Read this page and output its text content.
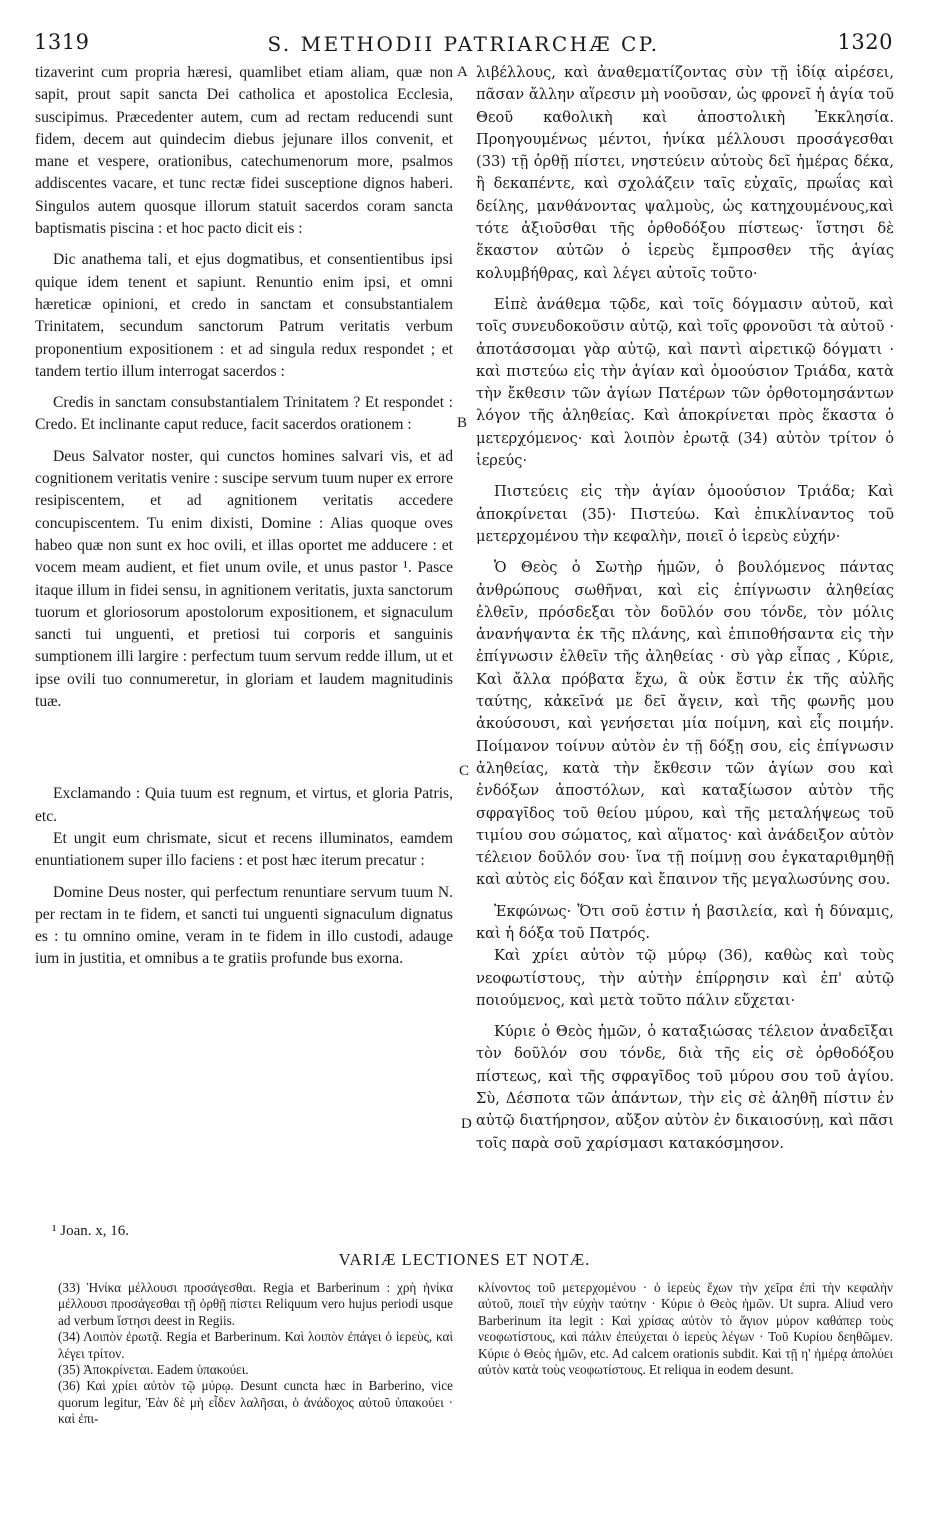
1319	S. METHODII PATRIARCHÆ CP.	1320
A
B
C
D

tizaverint cum propria hæresi, quamlibet etiam aliam, quæ non sapit, prout sapit sancta Dei catholica et apostolica Ecclesia, suscipimus. Præcedenter autem, cum ad rectam reducendi sunt fidem, decem aut quindecim diebus jejunare illos convenit, et mane et vespere, orationibus, catechumenorum more, psalmos addiscentes vacare, et tunc rectæ fidei susceptione dignos haberi. Singulos autem quosque illorum statuit sacerdos coram sancta baptismatis piscina : et hoc pacto dicit eis :

Dic anathema tali, et ejus dogmatibus, et consentientibus ipsi quique idem tenent et sapiunt. Renuntio enim ipsi, et omni hæreticæ opinioni, et credo in sanctam et consubstantialem Trinitatem, secundum sanctorum Patrum veritatis verbum proponentium expositionem : et ad singula redux respondet ; et tandem tertio illum interrogat sacerdos :

Credis in sanctam consubstantialem Trinitatem ? Et respondet : Credo. Et inclinante caput reduce, facit sacerdos orationem :

Deus Salvator noster, qui cunctos homines salvari vis, et ad cognitionem veritatis venire : suscipe servum tuum nuper ex errore resipiscentem, et ad agnitionem veritatis accedere concupiscentem. Tu enim dixisti, Domine : Alias quoque oves habeo quæ non sunt ex hoc ovili, et illas oportet me adducere : et vocem meam audient, et fiet unum ovile, et unus pastor ¹. Pasce itaque illum in fidei sensu, in agnitionem veritatis, juxta sanctorum tuorum et gloriosorum apostolorum expositionem, et signaculum sancti tui unguenti, et pretiosi tui corporis et sanguinis sumptionem illi largire : perfectum tuum servum redde illum, ut et ipse ovili tuo connumeretur, in gloriam et laudem magnitudinis tuæ.

Exclamando : Quia tuum est regnum, et virtus, et gloria Patris, etc.

Et ungit eum chrismate, sicut et recens illuminatos, eamdem enuntiationem super illo faciens : et post hæc iterum precatur :

Domine Deus noster, qui perfectum renuntiare servum tuum N. per rectam in te fidem, et sancti tui unguenti signaculum dignatus es : tu omnino omine, veram in te fidem in illo custodi, adauge ium in justitia, et omnibus a te gratiis profunde bus exorna.

λιβέλλους, καὶ ἀναθεματίζοντας σὺν τῇ ἰδίᾳ αἱρέσει, πᾶσαν ἄλλην αἵρεσιν μὴ νοοῦσαν, ὡς φρονεῖ ἡ ἁγία τοῦ Θεοῦ καθολικὴ καὶ ἀποστολικὴ Ἐκκλησία. Προηγουμένως μέντοι, ἡνίκα μέλλουσι προσάγεσθαι (33) τῇ ὀρθῇ πίστει, νηστεύειν αὐτοὺς δεῖ ἡμέρας δέκα, ἢ δεκαπέντε, καὶ σχολάζειν ταῖς εὐχαῖς, πρωΐας καὶ δείλης, μανθάνοντας ψαλμοὺς, ὡς κατηχουμένους,καὶ τότε ἀξιοῦσθαι τῆς ὀρθοδόξου πίστεως· ἵστησι δὲ ἕκαστον αὐτῶν ὁ ἱερεὺς ἔμπροσθεν τῆς ἁγίας κολυμβήθρας, καὶ λέγει αὐτοῖς τοῦτο·

Εἰπὲ ἀνάθεμα τῷδε, καὶ τοῖς δόγμασιν αὐτοῦ, καὶ τοῖς συνευδοκοῦσιν αὐτῷ, καὶ τοῖς φρονοῦσι τὰ αὐτοῦ · ἀποτάσσομαι γὰρ αὐτῷ, καὶ παντὶ αἱρετικῷ δόγματι · καὶ πιστεύω εἰς τὴν ἁγίαν καὶ ὁμοούσιον Τριάδα, κατὰ τὴν ἔκθεσιν τῶν ἁγίων Πατέρων τῶν ὀρθοτομησάντων λόγον τῆς ἀληθείας. Καὶ ἀποκρίνεται πρὸς ἕκαστα ὁ μετερχόμενος· καὶ λοιπὸν ἐρωτᾷ (34) αὐτὸν τρίτον ὁ ἱερεύς·

Πιστεύεις εἰς τὴν ἁγίαν ὁμοούσιον Τριάδα; Καὶ ἀποκρίνεται (35)· Πιστεύω. Καὶ ἐπικλίναντος τοῦ μετερχομένου τὴν κεφαλὴν, ποιεῖ ὁ ἱερεὺς εὐχήν·

Ὁ Θεὸς ὁ Σωτὴρ ἡμῶν, ὁ βουλόμενος πάντας ἀνθρώπους σωθῆναι, καὶ εἰς ἐπίγνωσιν ἀληθείας ἐλθεῖν, πρόσδεξαι τὸν δοῦλόν σου τόνδε, τὸν μόλις ἀνανήψαντα ἐκ τῆς πλάνης, καὶ ἐπιποθήσαντα εἰς τὴν ἐπίγνωσιν ἐλθεῖν τῆς ἀληθείας · σὺ γὰρ εἶπας , Κύριε, Καὶ ἄλλα πρόβατα ἔχω, ἃ οὐκ ἔστιν ἐκ τῆς αὐλῆς ταύτης, κἀκεῖνά με δεῖ ἄγειν, καὶ τῆς φωνῆς μου ἀκούσουσι, καὶ γενήσεται μία ποίμνη, καὶ εἷς ποιμήν. Ποίμανον τοίνυν αὐτὸν ἐν τῇ δόξῃ σου, εἰς ἐπίγνωσιν ἀληθείας, κατὰ τὴν ἔκθεσιν τῶν ἁγίων σου καὶ ἐνδόξων ἀποστόλων, καὶ καταξίωσον αὐτὸν τῆς σφραγῖδος τοῦ θείου μύρου, καὶ τῆς μεταλήψεως τοῦ τιμίου σου σώματος, καὶ αἵματος· καὶ ἀνάδειξον αὐτὸν τέλειον δοῦλόν σου· ἵνα τῇ ποίμνῃ σου ἐγκαταριθμηθῇ καὶ αὐτὸς εἰς δόξαν καὶ ἔπαινον τῆς μεγαλωσύνης σου.

Ἐκφώνως· Ὅτι σοῦ ἐστιν ἡ βασιλεία, καὶ ἡ δύναμις, καὶ ἡ δόξα τοῦ Πατρός.

Καὶ χρίει αὐτὸν τῷ μύρῳ (36), καθὼς καὶ τοὺς νεοφωτίστους, τὴν αὐτὴν ἐπίρρησιν καὶ ἐπ' αὐτῷ ποιούμενος, καὶ μετὰ τοῦτο πάλιν εὔχεται·

Κύριε ὁ Θεὸς ἡμῶν, ὁ καταξιώσας τέλειον ἀναδεῖξαι τὸν δοῦλόν σου τόνδε, διὰ τῆς εἰς σὲ ὀρθοδόξου πίστεως, καὶ τῆς σφραγῖδος τοῦ μύρου σου τοῦ ἁγίου. Σὺ, Δέσποτα τῶν ἁπάντων, τὴν εἰς σὲ ἀληθῆ πίστιν ἐν αὐτῷ διατήρησον, αὔξον αὐτὸν ἐν δικαιοσύνῃ, καὶ πᾶσι τοῖς παρὰ σοῦ χαρίσμασι κατακόσμησον.

¹ Joan. x, 16.
VARIÆ LECTIONES ET NOTÆ.

(33) Ἡνίκα μέλλουσι προσάγεσθαι. Regia et Barberinum : χρὴ ἡνίκα μέλλουσι προσάγεσθαι τῇ ὀρθῇ πίστει Reliquum vero hujus periodi usque ad verbum ἵστησι deest in Regiis.

(34) Λοιπὸν ἐρωτᾷ. Regia et Barberinum. Καὶ λοιπὸν ἐπάγει ὁ ἱερεὺς, καὶ λέγει τρίτον.

(35) Ἀποκρίνεται. Eadem ὑπακούει.

(36) Καὶ χρίει αὐτὸν τῷ μύρῳ. Desunt cuncta hæc in Barberino, vice quorum legitur, Ἐὰν δὲ μὴ εἶδεν λαλῆσαι, ὁ ἀνάδοχος αὐτοῦ ὑπακούει · καὶ ἐπι-

κλίνοντος τοῦ μετερχομένου · ὁ ἱερεὺς ἔχων τὴν χεῖρα ἐπὶ τὴν κεφαλὴν αὐτοῦ, ποιεῖ τὴν εὐχὴν ταύτην · Κύριε ὁ Θεὸς ἡμῶν. Ut supra. Aliud vero Barberinum ita legit : Καὶ χρίσας αὐτὸν τὸ ἅγιον μύρον καθάπερ τοὺς νεοφωτίστους, καὶ πάλιν ἐπεύχεται ὁ ἱερεὺς λέγων · Τοῦ Κυρίου δεηθῶμεν. Κύριε ὁ Θεὸς ἡμῶν, etc. Ad calcem orationis subdit. Καὶ τῇ η' ἡμέρᾳ ἀπολύει αὐτὸν κατὰ τοὺς νεοφωτίστους. Et reliqua in eodem desunt.
